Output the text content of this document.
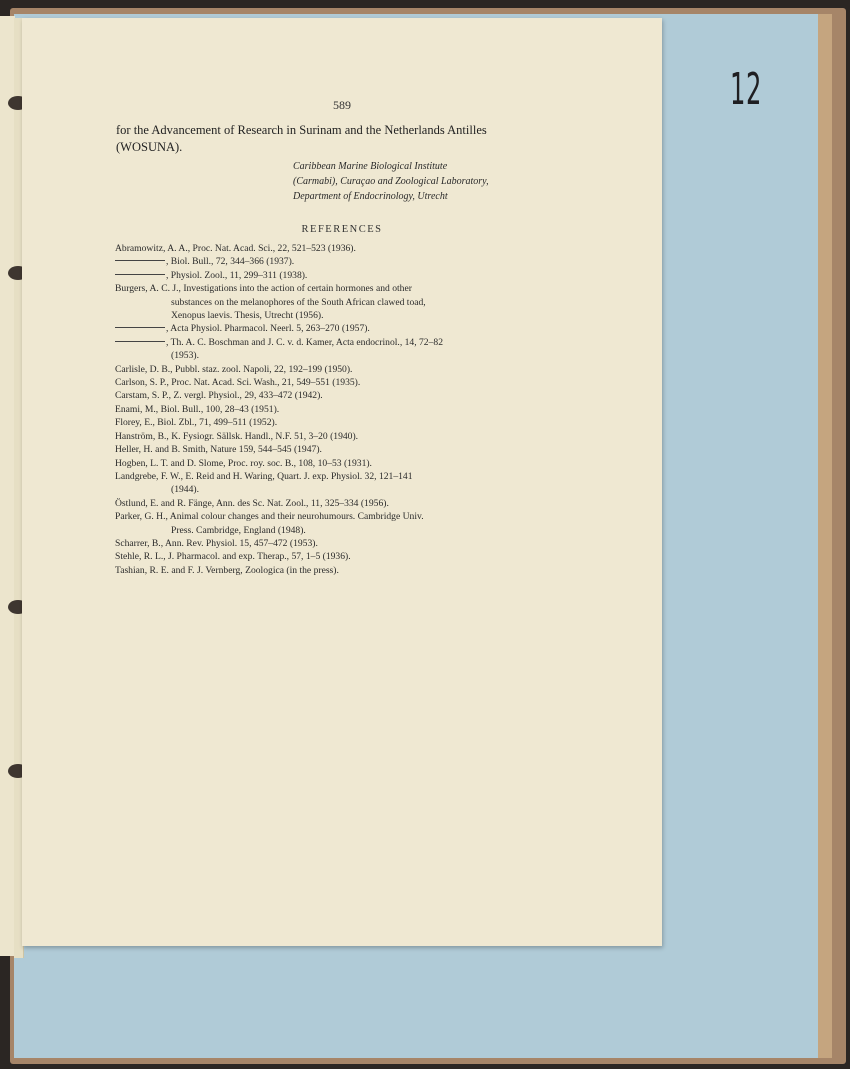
12
589
for the Advancement of Research in Surinam and the Netherlands Antilles (WOSUNA).
Caribbean Marine Biological Institute
(Carmabi), Curaçao and Zoological Laboratory,
Department of Endocrinology, Utrecht
REFERENCES
Abramowitz, A. A., Proc. Nat. Acad. Sci., 22, 521–523 (1936).
, Biol. Bull., 72, 344–366 (1937).
, Physiol. Zool., 11, 299–311 (1938).
Burgers, A. C. J., Investigations into the action of certain hormones and other
substances on the melanophores of the South African clawed toad,
Xenopus laevis. Thesis, Utrecht (1956).
, Acta Physiol. Pharmacol. Neerl. 5, 263–270 (1957).
, Th. A. C. Boschman and J. C. v. d. Kamer, Acta endocrinol., 14, 72–82
(1953).
Carlisle, D. B., Pubbl. staz. zool. Napoli, 22, 192–199 (1950).
Carlson, S. P., Proc. Nat. Acad. Sci. Wash., 21, 549–551 (1935).
Carstam, S. P., Z. vergl. Physiol., 29, 433–472 (1942).
Enami, M., Biol. Bull., 100, 28–43 (1951).
Florey, E., Biol. Zbl., 71, 499–511 (1952).
Hanström, B., K. Fysiogr. Sällsk. Handl., N.F. 51, 3–20 (1940).
Heller, H. and B. Smith, Nature 159, 544–545 (1947).
Hogben, L. T. and D. Slome, Proc. roy. soc. B., 108, 10–53 (1931).
Landgrebe, F. W., E. Reid and H. Waring, Quart. J. exp. Physiol. 32, 121–141
(1944).
Östlund, E. and R. Fänge, Ann. des Sc. Nat. Zool., 11, 325–334 (1956).
Parker, G. H., Animal colour changes and their neurohumours. Cambridge Univ.
Press. Cambridge, England (1948).
Scharrer, B., Ann. Rev. Physiol. 15, 457–472 (1953).
Stehle, R. L., J. Pharmacol. and exp. Therap., 57, 1–5 (1936).
Tashian, R. E. and F. J. Vernberg, Zoologica (in the press).
